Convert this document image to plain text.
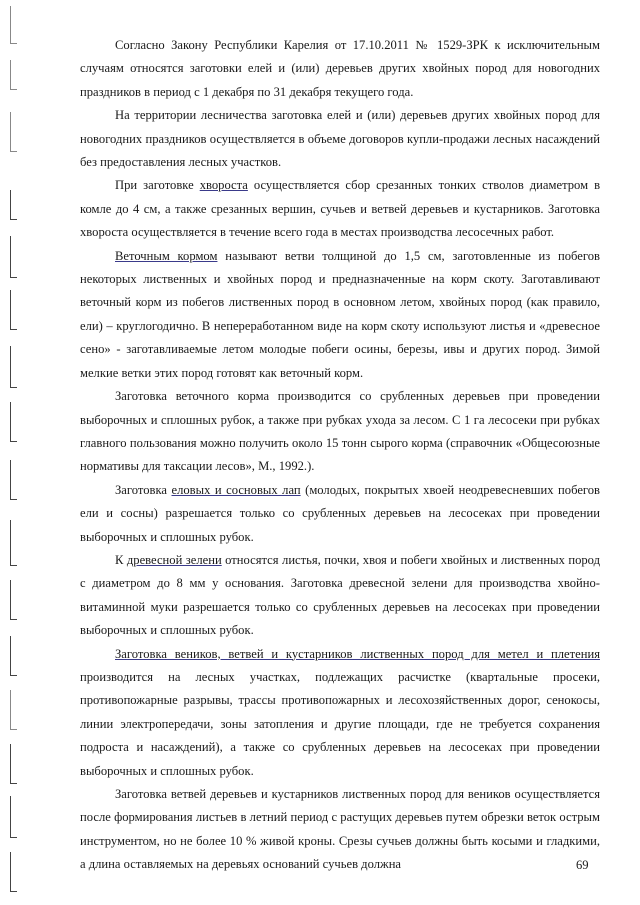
Согласно Закону Республики Карелия от 17.10.2011 № 1529-ЗРК к исключительным случаям относятся заготовки елей и (или) деревьев других хвойных пород для новогодних праздников в период с 1 декабря по 31 декабря текущего года.

На территории лесничества заготовка елей и (или) деревьев других хвойных пород для новогодних праздников осуществляется в объеме договоров купли-продажи лесных насаждений без предоставления лесных участков.

При заготовке хвороста осуществляется сбор срезанных тонких стволов диаметром в комле до 4 см, а также срезанных вершин, сучьев и ветвей деревьев и кустарников. Заготовка хвороста осуществляется в течение всего года в местах производства лесосечных работ.

Веточным кормом называют ветви толщиной до 1,5 см, заготовленные из побегов некоторых лиственных и хвойных пород и предназначенные на корм скоту. Заготавливают веточный корм из побегов лиственных пород в основном летом, хвойных пород (как правило, ели) – круглогодично. В непереработанном виде на корм скоту используют листья и «древесное сено» - заготавливаемые летом молодые побеги осины, березы, ивы и других пород. Зимой мелкие ветки этих пород готовят как веточный корм.

Заготовка веточного корма производится со срубленных деревьев при проведении выборочных и сплошных рубок, а также при рубках ухода за лесом. С 1 га лесосеки при рубках главного пользования можно получить около 15 тонн сырого корма (справочник «Общесоюзные нормативы для таксации лесов», М., 1992.).

Заготовка еловых и сосновых лап (молодых, покрытых хвоей неодревесневших побегов ели и сосны) разрешается только со срубленных деревьев на лесосеках при проведении выборочных и сплошных рубок.

К древесной зелени относятся листья, почки, хвоя и побеги хвойных и лиственных пород с диаметром до 8 мм у основания. Заготовка древесной зелени для производства хвойно-витаминной муки разрешается только со срубленных деревьев на лесосеках при проведении выборочных и сплошных рубок.

Заготовка веников, ветвей и кустарников лиственных пород для метел и плетения производится на лесных участках, подлежащих расчистке (квартальные просеки, противопожарные разрывы, трассы противопожарных и лесохозяйственных дорог, сенокосы, линии электропередачи, зоны затопления и другие площади, где не требуется сохранения подроста и насаждений), а также со срубленных деревьев на лесосеках при проведении выборочных и сплошных рубок.

Заготовка ветвей деревьев и кустарников лиственных пород для веников осуществляется после формирования листьев в летний период с растущих деревьев путем обрезки веток острым инструментом, но не более 10 % живой кроны. Срезы сучьев должны быть косыми и гладкими, а длина оставляемых на деревьях оснований сучьев должна	69
